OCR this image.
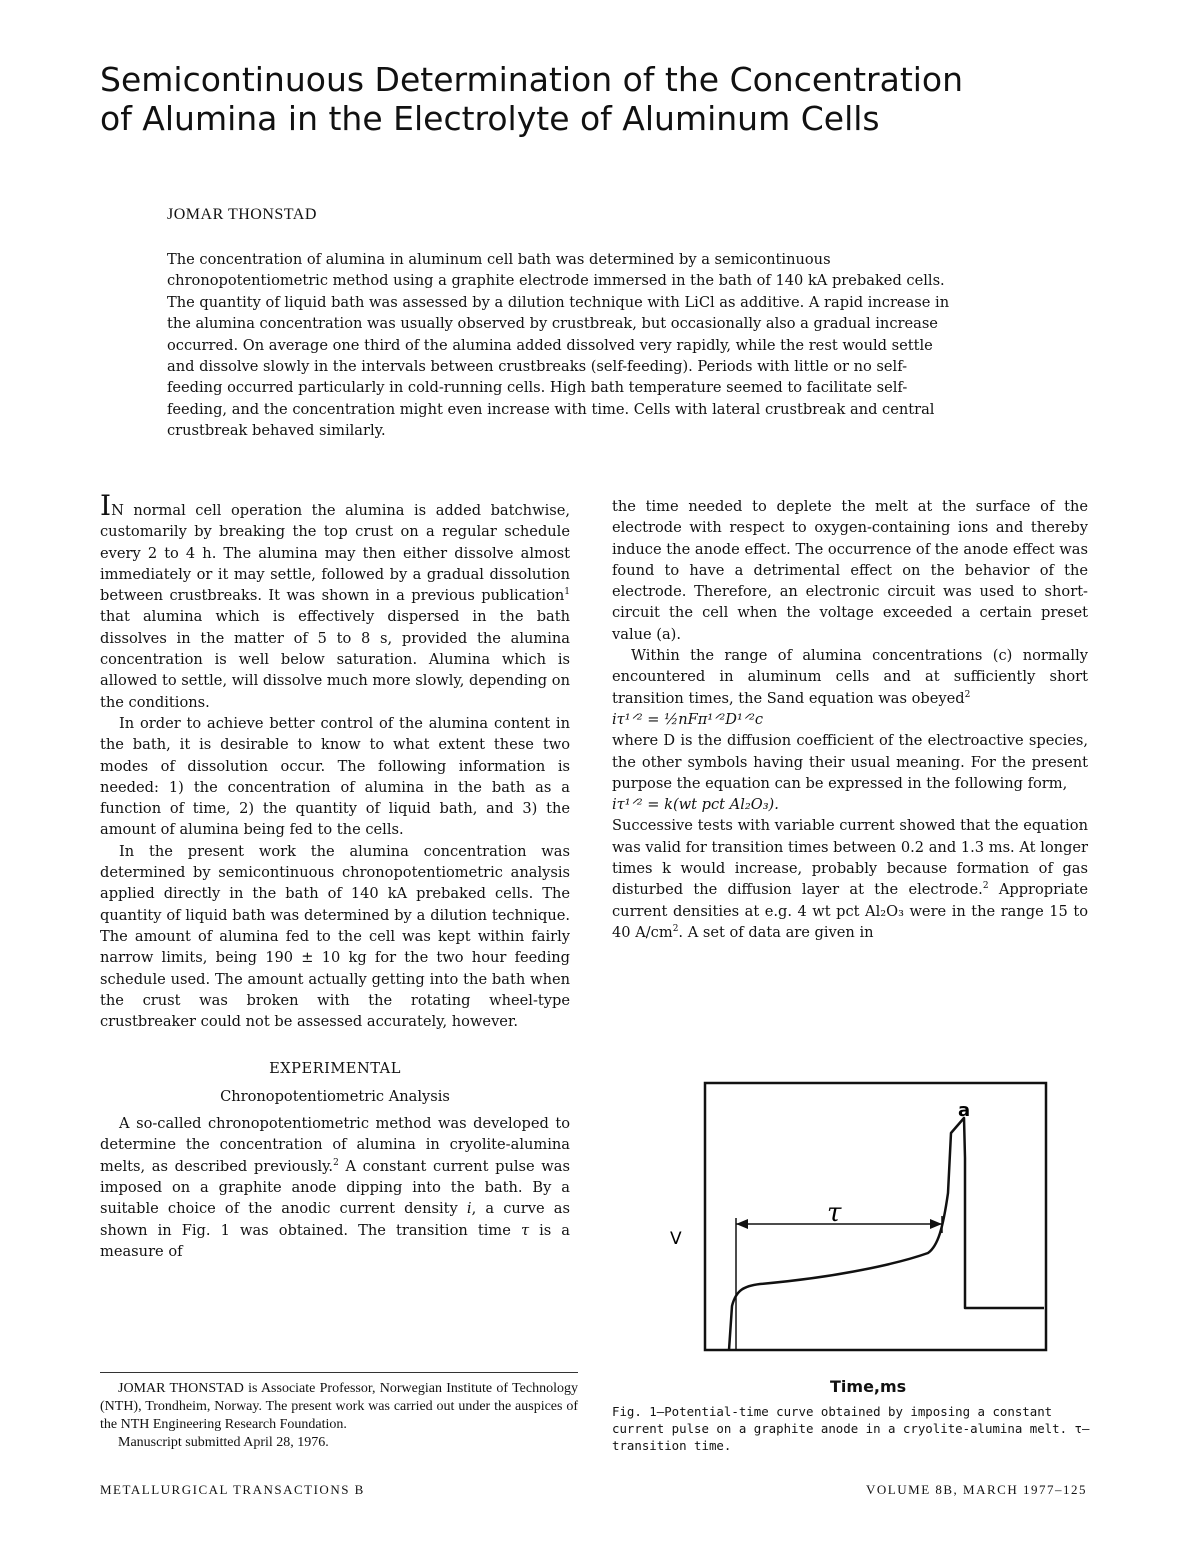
Semicontinuous Determination of the Concentration of Alumina in the Electrolyte of Aluminum Cells
JOMAR THONSTAD

The concentration of alumina in aluminum cell bath was determined by a semicontinuous chronopotentiometric method using a graphite electrode immersed in the bath of 140 kA prebaked cells. The quantity of liquid bath was assessed by a dilution technique with LiCl as additive. A rapid increase in the alumina concentration was usually observed by crustbreak, but occasionally also a gradual increase occurred. On average one third of the alumina added dissolved very rapidly, while the rest would settle and dissolve slowly in the intervals between crustbreaks (self-feeding). Periods with little or no self-feeding occurred particularly in cold-running cells. High bath temperature seemed to facilitate self-feeding, and the concentration might even increase with time. Cells with lateral crustbreak and central crustbreak behaved similarly.

IN normal cell operation the alumina is added batchwise, customarily by breaking the top crust on a regular schedule every 2 to 4 h. The alumina may then either dissolve almost immediately or it may settle, followed by a gradual dissolution between crustbreaks. It was shown in a previous publication$^1$ that alumina which is effectively dispersed in the bath dissolves in the matter of 5 to 8 s, provided the alumina concentration is well below saturation. Alumina which is allowed to settle, will dissolve much more slowly, depending on the conditions.

In order to achieve better control of the alumina content in the bath, it is desirable to know to what extent these two modes of dissolution occur. The following information is needed: 1) the concentration of alumina in the bath as a function of time, 2) the quantity of liquid bath, and 3) the amount of alumina being fed to the cells.

In the present work the alumina concentration was determined by semicontinuous chronopotentiometric analysis applied directly in the bath of 140 kA prebaked cells. The quantity of liquid bath was determined by a dilution technique. The amount of alumina fed to the cell was kept within fairly narrow limits, being 190 ± 10 kg for the two hour feeding schedule used. The amount actually getting into the bath when the crust was broken with the rotating wheel-type crustbreaker could not be assessed accurately, however.

EXPERIMENTAL

Chronopotentiometric Analysis

A so-called chronopotentiometric method was developed to determine the concentration of alumina in cryolite-alumina melts, as described previously.$^2$ A constant current pulse was imposed on a graphite anode dipping into the bath. By a suitable choice of the anodic current density i, a curve as shown in Fig. 1 was obtained. The transition time τ is a measure of

the time needed to deplete the melt at the surface of the electrode with respect to oxygen-containing ions and thereby induce the anode effect. The occurrence of the anode effect was found to have a detrimental effect on the behavior of the electrode. Therefore, an electronic circuit was used to short-circuit the cell when the voltage exceeded a certain preset value (a).

Within the range of alumina concentrations (c) normally encountered in aluminum cells and at sufficiently short transition times, the Sand equation was obeyed$^2$

iτ¹ᐟ² = ½nFπ¹ᐟ²D¹ᐟ²c

where D is the diffusion coefficient of the electroactive species, the other symbols having their usual meaning. For the present purpose the equation can be expressed in the following form,

iτ¹ᐟ² = k(wt pct Al₂O₃).

Successive tests with variable current showed that the equation was valid for transition times between 0.2 and 1.3 ms. At longer times k would increase, probably because formation of gas disturbed the diffusion layer at the electrode.$^2$ Appropriate current densities at e.g. 4 wt pct Al₂O₃ were in the range 15 to 40 $A/cm^2$. A set of data are given in

V
a
τ
Time,ms
Fig. 1—Potential-time curve obtained by imposing a constant current pulse on a graphite anode in a cryolite-alumina melt. τ—transition time.

JOMAR THONSTAD is Associate Professor, Norwegian Institute of Technology (NTH), Trondheim, Norway. The present work was carried out under the auspices of the NTH Engineering Research Foundation.

Manuscript submitted April 28, 1976.

METALLURGICAL TRANSACTIONS B	VOLUME 8B, MARCH 1977–125
